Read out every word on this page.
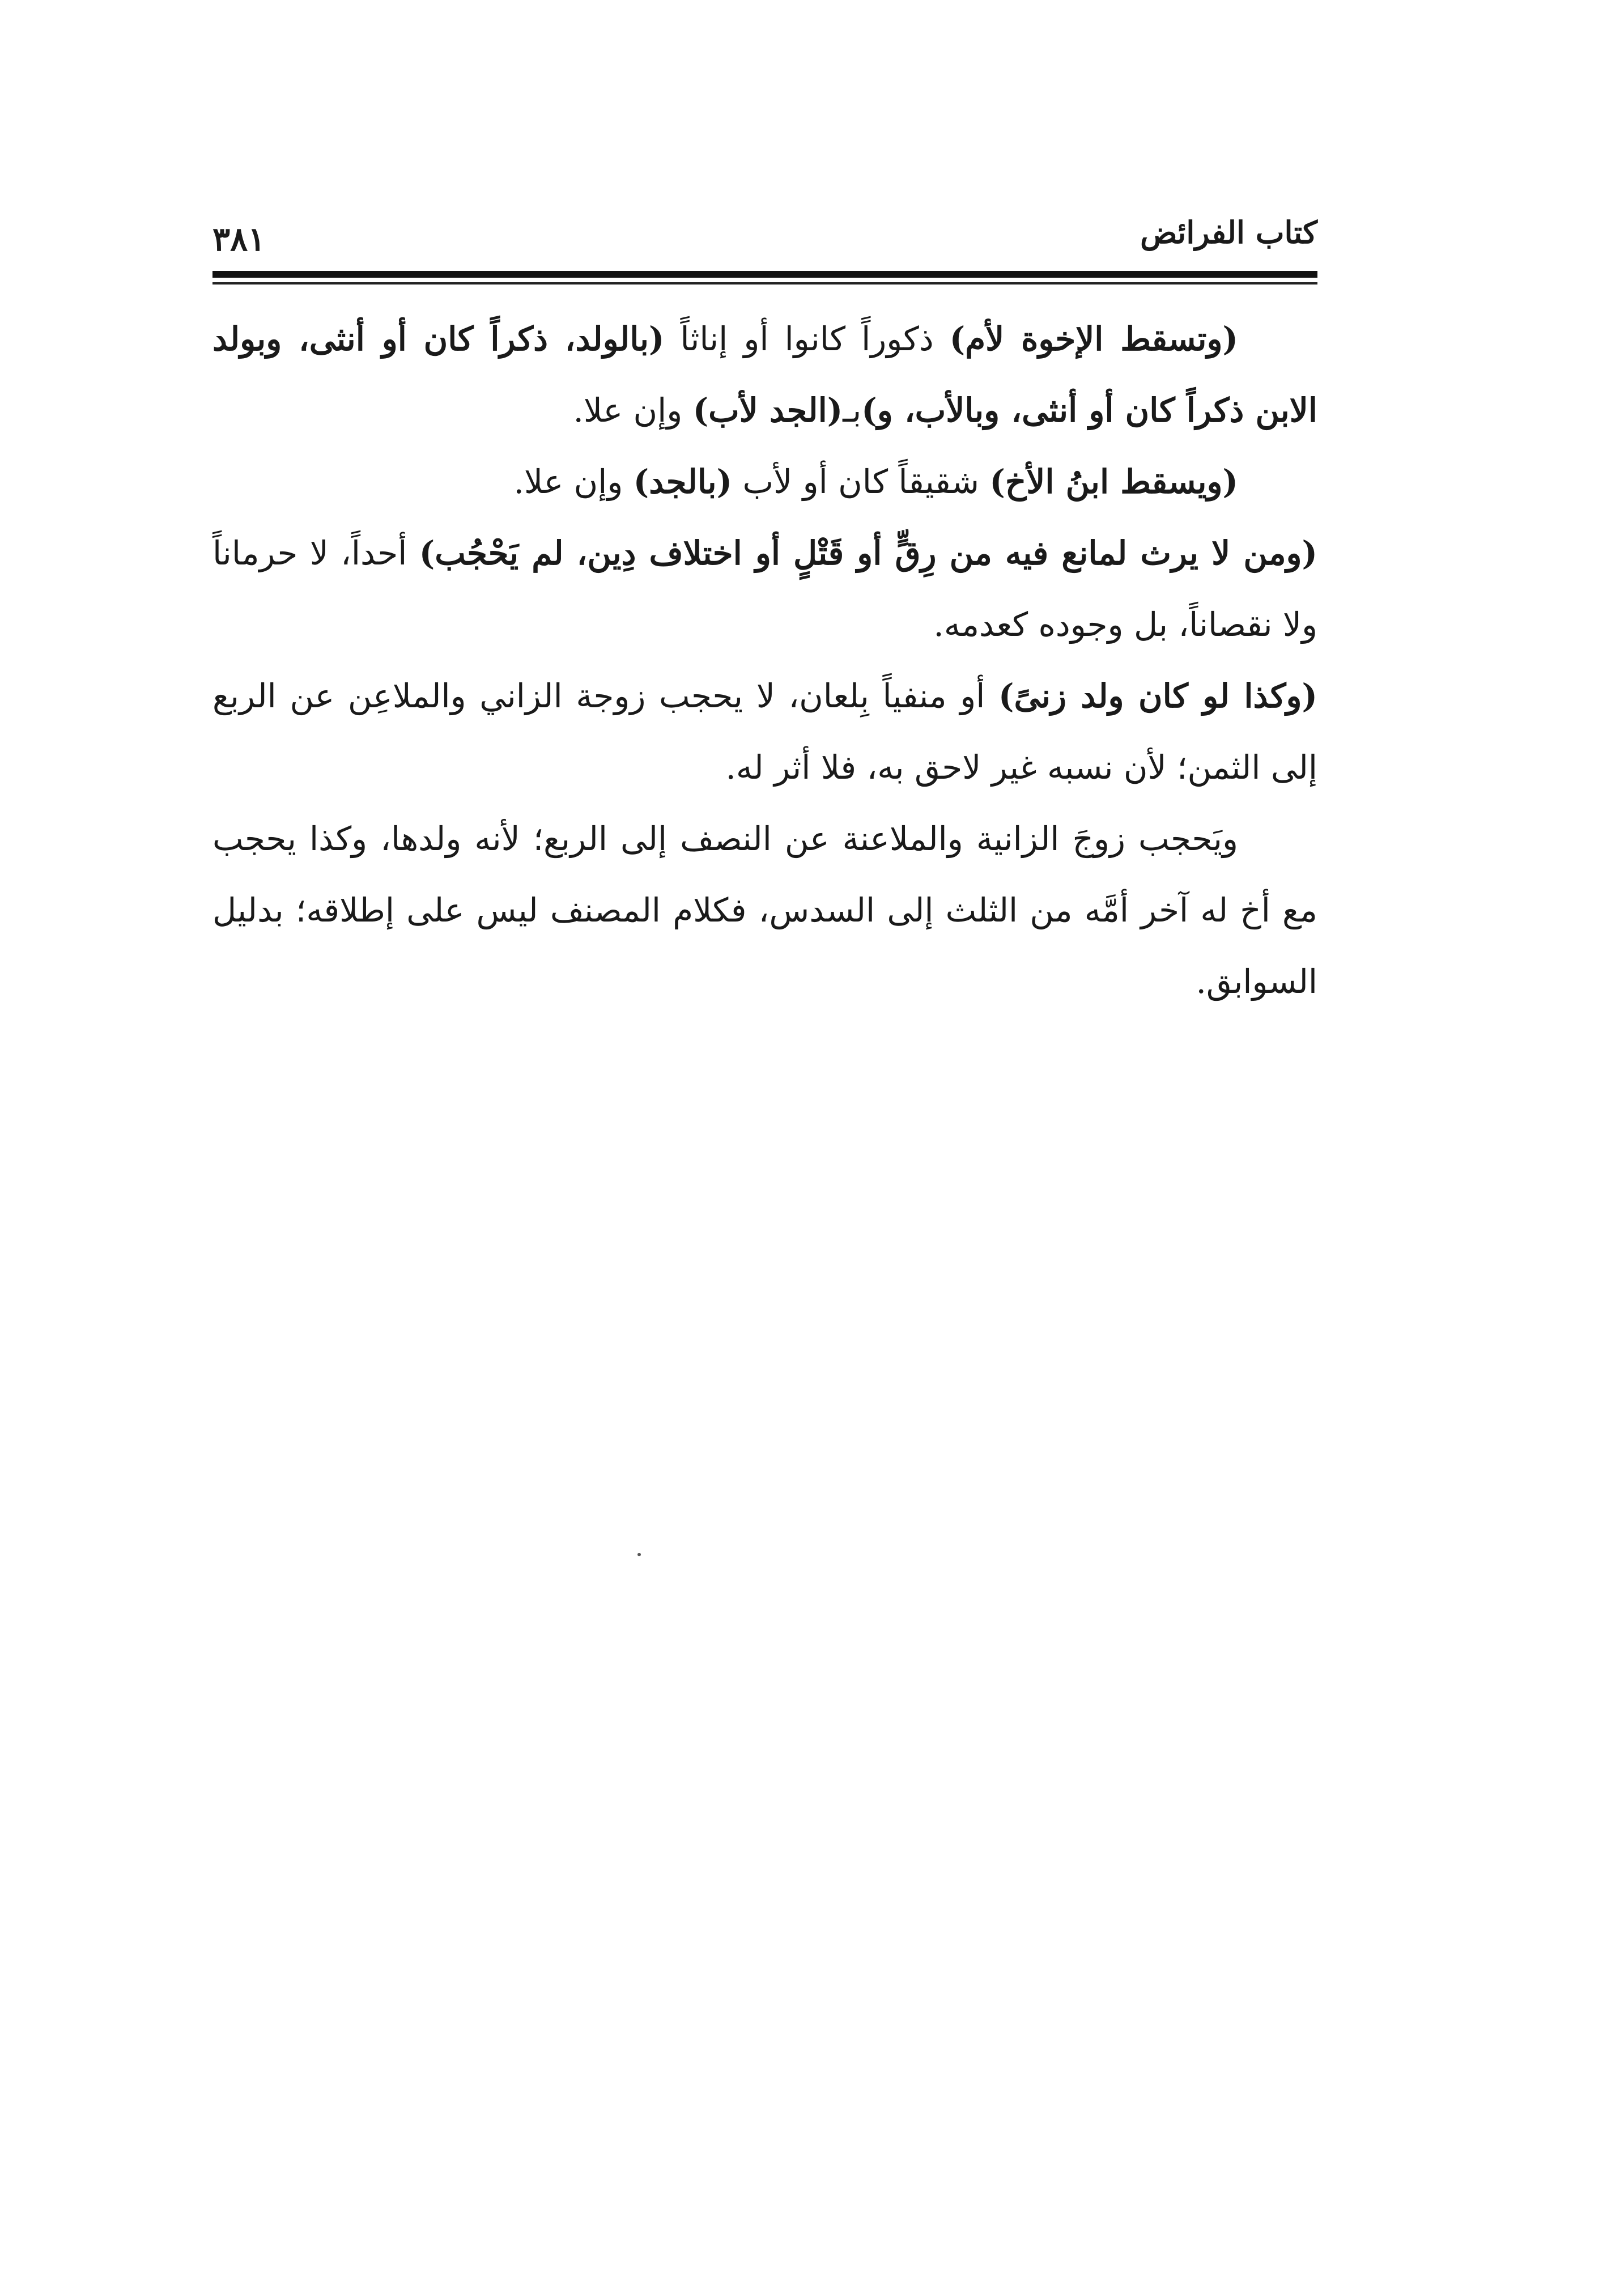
كتاب الفرائض
٣٨١

(وتسقط الإخوة لأم) ذكوراً كانوا أو إناثاً (بالولد، ذكراً كان أو أنثى، وبولد الابن ذكراً كان أو أنثى، وبالأب، و)بـ(الجد لأب) وإن علا.

(ويسقط ابنُ الأخ) شقيقاً كان أو لأب (بالجد) وإن علا.

(ومن لا يرث لمانع فيه من رِقٍّ أو قَتْلٍ أو اختلاف دِين، لم يَحْجُب) أحداً، لا حرماناً ولا نقصاناً، بل وجوده كعدمه.

(وكذا لو كان ولد زنىً) أو منفياً بِلعان، لا يحجب زوجة الزاني والملاعِن عن الربع إلى الثمن؛ لأن نسبه غير لاحق به، فلا أثر له.

ويَحجب زوجَ الزانية والملاعنة عن النصف إلى الربع؛ لأنه ولدها، وكذا يحجب مع أخ له آخر أمَّه من الثلث إلى السدس، فكلام المصنف ليس على إطلاقه؛ بدليل السوابق.
